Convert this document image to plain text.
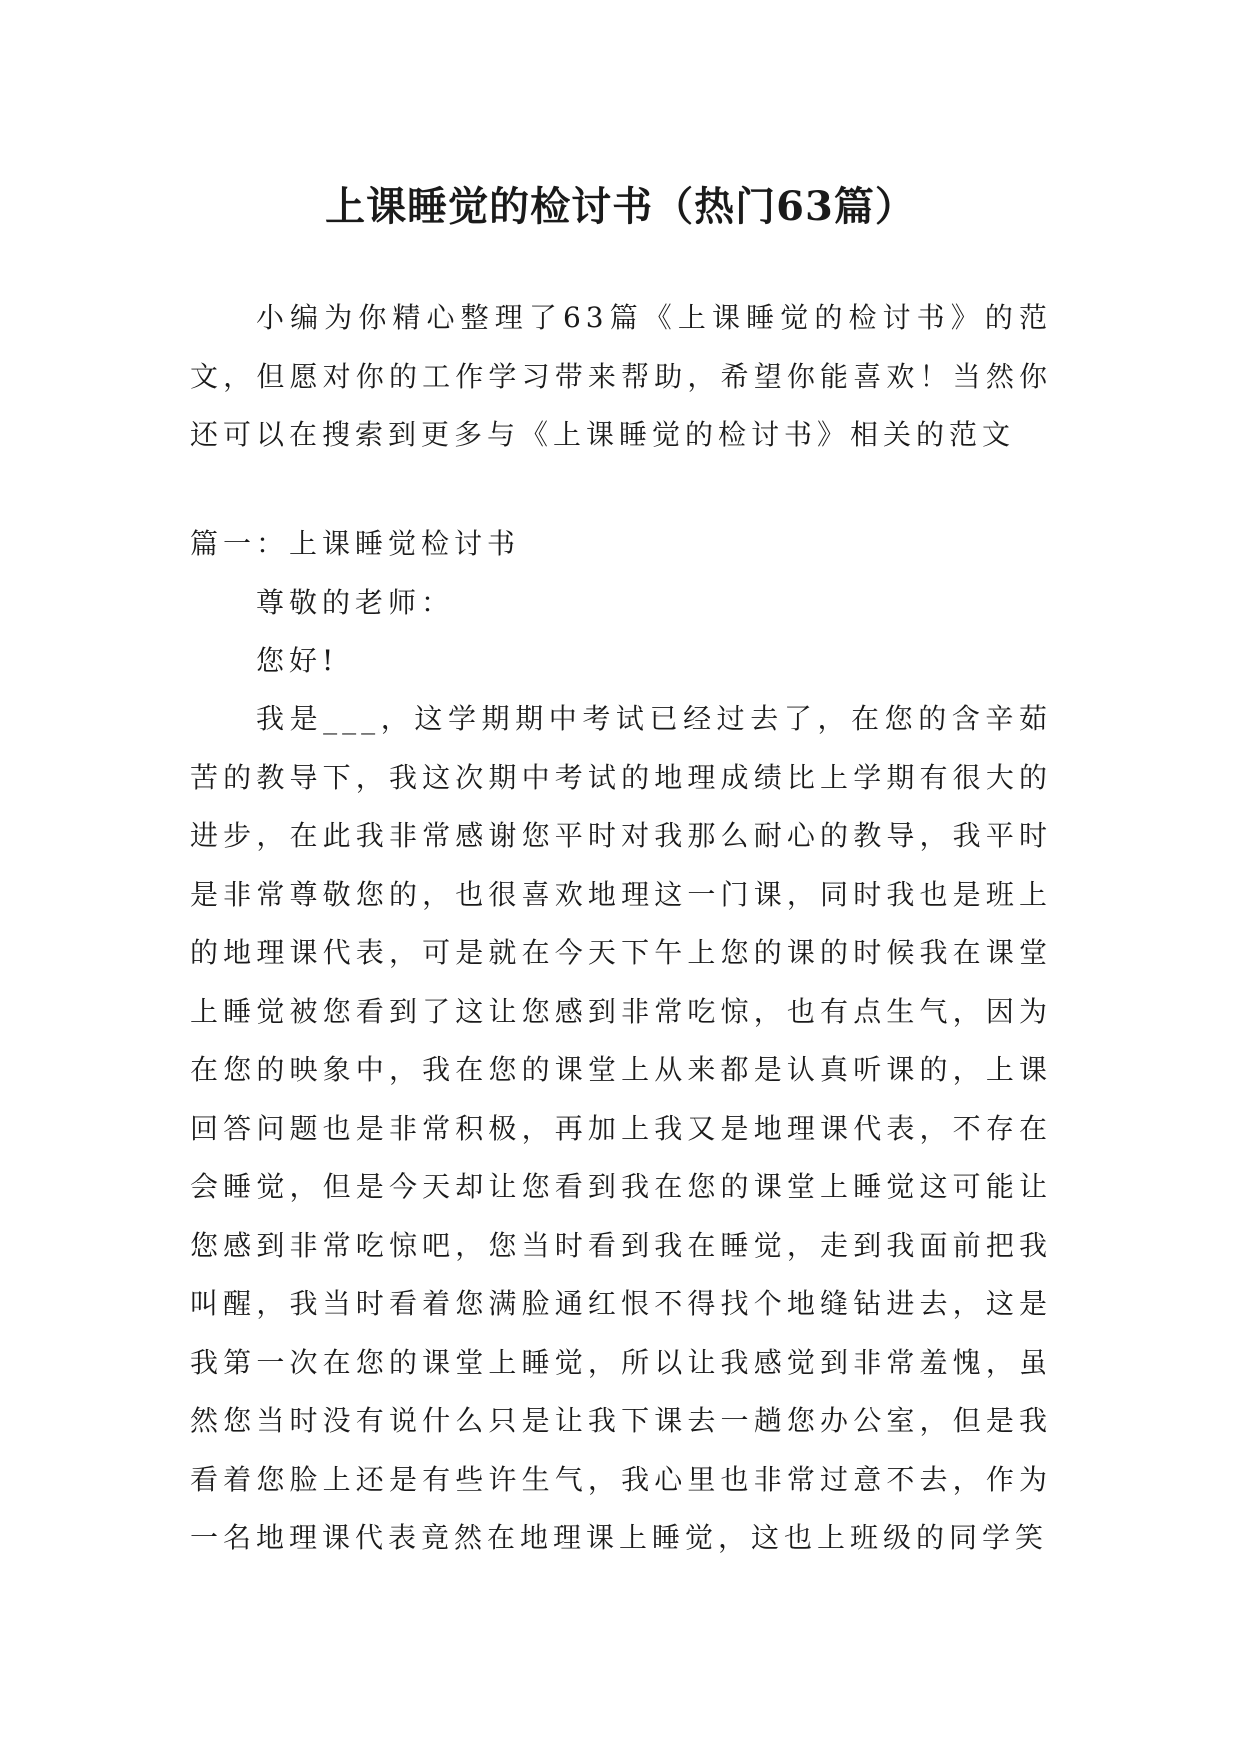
上课睡觉的检讨书（热门63篇）

小编为你精心整理了63篇《上课睡觉的检讨书》的范文，但愿对你的工作学习带来帮助，希望你能喜欢！当然你还可以在搜索到更多与《上课睡觉的检讨书》相关的范文

篇一：上课睡觉检讨书

尊敬的老师：

您好!

我是___，这学期期中考试已经过去了，在您的含辛茹苦的教导下，我这次期中考试的地理成绩比上学期有很大的进步，在此我非常感谢您平时对我那么耐心的教导，我平时是非常尊敬您的，也很喜欢地理这一门课，同时我也是班上的地理课代表，可是就在今天下午上您的课的时候我在课堂上睡觉被您看到了这让您感到非常吃惊，也有点生气，因为在您的映象中，我在您的课堂上从来都是认真听课的，上课回答问题也是非常积极，再加上我又是地理课代表，不存在会睡觉，但是今天却让您看到我在您的课堂上睡觉这可能让您感到非常吃惊吧，您当时看到我在睡觉，走到我面前把我叫醒，我当时看着您满脸通红恨不得找个地缝钻进去，这是我第一次在您的课堂上睡觉，所以让我感觉到非常羞愧，虽然您当时没有说什么只是让我下课去一趟您办公室，但是我看着您脸上还是有些许生气，我心里也非常过意不去，作为一名地理课代表竟然在地理课上睡觉，这也上班级的同学笑
